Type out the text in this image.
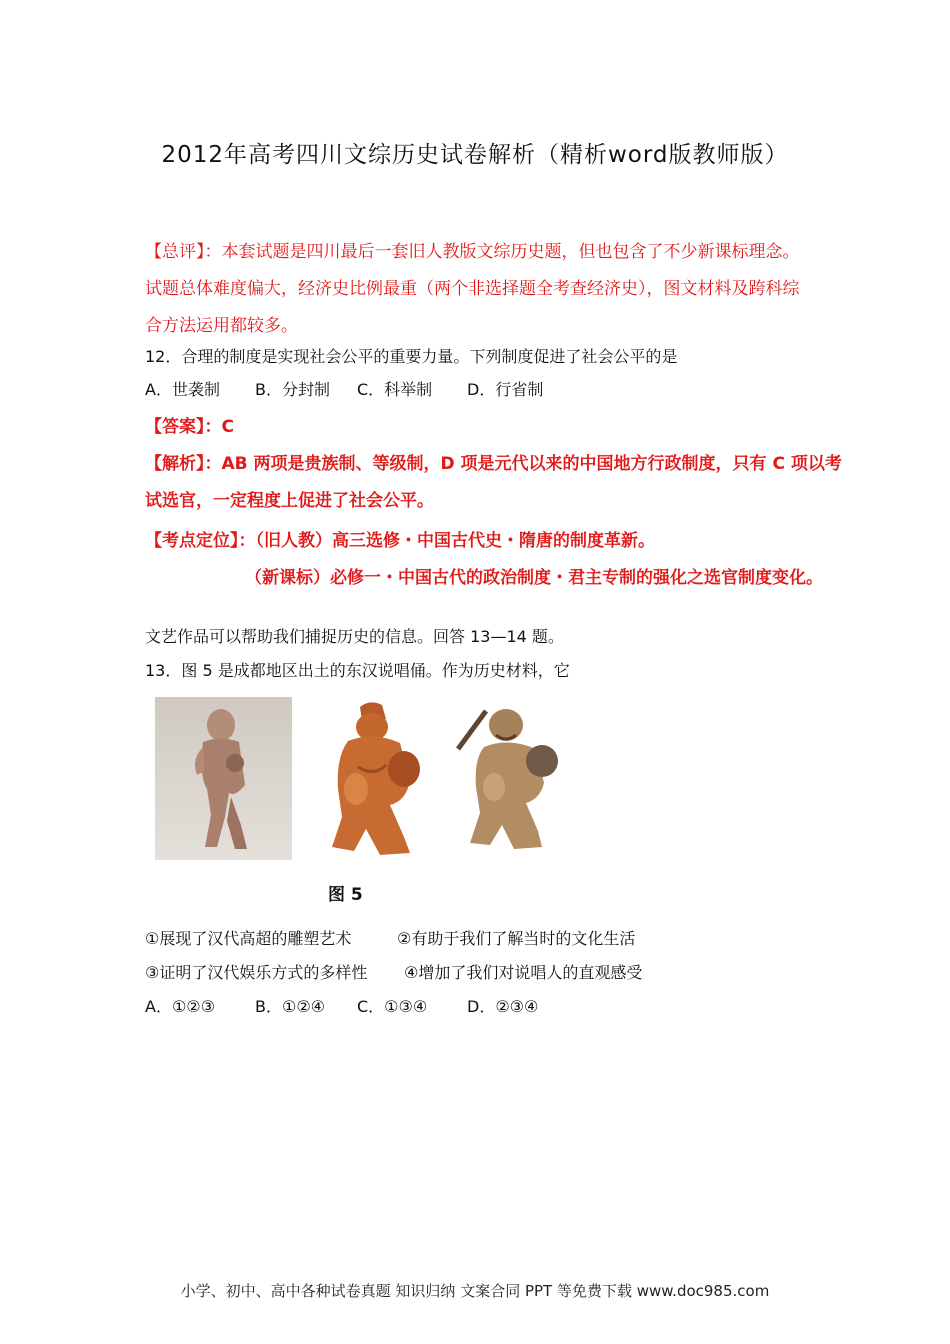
2012年高考四川文综历史试卷解析（精析word版教师版）
【总评】：本套试题是四川最后一套旧人教版文综历史题，但也包含了不少新课标理念。
试题总体难度偏大，经济史比例最重（两个非选择题全考查经济史），图文材料及跨科综
合方法运用都较多。
12．合理的制度是实现社会公平的重要力量。下列制度促进了社会公平的是
A．世袭制 B．分封制 C．科举制 D．行省制
【答案】：C
【解析】：AB 两项是贵族制、等级制，D 项是元代以来的中国地方行政制度，只有 C 项以考
试选官，一定程度上促进了社会公平。
【考点定位】：（旧人教）高三选修・中国古代史・隋唐的制度革新。
（新课标）必修一・中国古代的政治制度・君主专制的强化之选官制度变化。
文艺作品可以帮助我们捕捉历史的信息。回答 13—14 题。
13．图 5 是成都地区出土的东汉说唱俑。作为历史材料，它
图 5
①展现了汉代高超的雕塑艺术	②有助于我们了解当时的文化生活
③证明了汉代娱乐方式的多样性 ④增加了我们对说唱人的直观感受
A．①②③	B．①②④ C．①③④ D．②③④
小学、初中、高中各种试卷真题 知识归纳 文案合同 PPT 等免费下载 www.doc985.com
